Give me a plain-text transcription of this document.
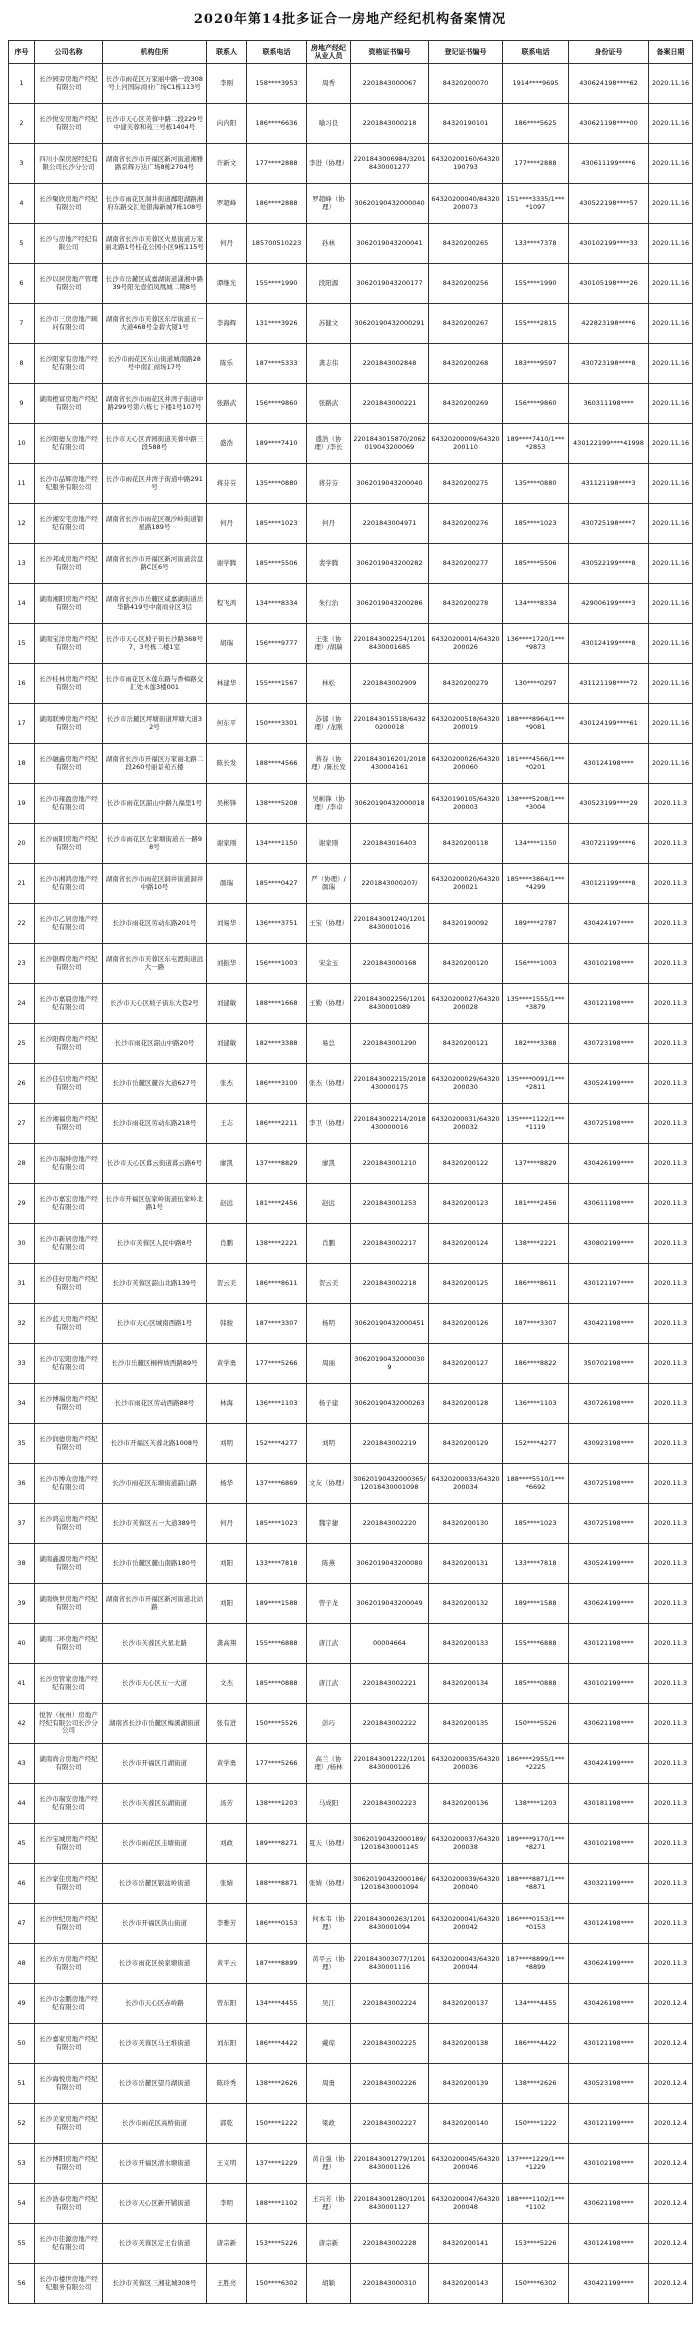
2020年第14批多证合一房地产经纪机构备案情况
序号	公司名称	机构住所	联系人	联系电话	房地产经纪从业人员	资格证书编号	登记证书编号	联系电话	身份证号	备案日期
1	长沙园旁房地产经纪有限公司	长沙市雨花区万家丽中路一段308号上河国际商业广场C1栋113号	李刚	158****3953	周秀	2201843000067	84320200070	1914****9695	430624198****62	2020.11.16
2	长沙悦安房地产经纪有限公司	长沙市天心区芙蓉中路二段229号中建芙蓉和苑三号栋1404号	向内阳	186****6636	喻习良	2201843000218	84320190101	186****5625	430621198****00	2020.11.16
3	四川小保房屋经纪有限公司长沙分公司	湖南省长沙市开福区新河街道湘雅路京辉万达广场8栋2704号	许新文	177****2888	李进（协理）	2201843006984/32018430001277	64320200160/64320190793	177****2888	430611199****6	2020.11.16
4	长沙聚欣房地产经纪有限公司	长沙市雨花区洞井街道鄱阳湖路湘府东路交汇处银海新城7栋108号	罗超峰	186****2888	罗超峰（协理）	30620190432000040	64320200040/84320200073	151****3335/1****1097	430522198****57	2020.11.16
5	长沙与房地产经纪有限公司	湖南省长沙市芙蓉区火星街道万家丽北路1号桂花公园小区9栋115号	何丹	185700510223	孙林	3062019043200041	84320200265	133****7378	430102199****33	2020.11.16
6	长沙以居房地产管理有限公司	长沙市岳麓区咸嘉湖街道潇湘中路39号阳光壹佰凤凰城二期8号	谭继光	155****1990	段阳源	3062019043200177	84320200256	155****1990	430105198****26	2020.11.16
7	长沙市三房房地产顾问有限公司	湖南省长沙市芙蓉区东岸街道五一大道468号金碧大厦1号	李海辉	131****3926	苏健文	30620190432000291	84320200267	155****2815	422823198****6	2020.11.16
8	长沙阳家有房地产经纪有限公司	长沙市雨花区东山街道城南路28号中南汇商场17号	陈乐	187****5333	龚志伟	2201843002848	84320200268	183****9597	430723198****8	2020.11.16
9	湖南橙富房地产经纪有限公司	湖南省长沙市雨花区井湾子街道中路299号第六栋七下楼1号107号	张路武	156****9860	张路武	2201843000221	84320200269	156****9860	360311198****	2020.11.16
10	长沙阳德友房地产经纪有限公司	长沙市天心区青园街道芙蓉中路三段588号	盛浩	189****7410	盛浩（协理）/李长	2201843015870/2062019043200069	64320200009/64320200110	189****7410/1****2853	430122199****41998	2020.11.16
11	长沙市品辉房地产经纪服务有限公司	长沙市雨花区井湾子街道中路291号	蒋芬芬	135****0880	蒋芬芬	3062019043200040	84320200275	135****0880	431121198****3	2020.11.16
12	长沙湘安宅房地产经纪有限公司	湖南省长沙市雨花区观沙岭街道银星路189号	何丹	185****1023	何丹	2201843004971	84320200276	185****1023	430725198****7	2020.11.16
13	长沙邦成房地产经纪有限公司	湖南省长沙市开福区新河街道营盘路C区6号	谢学腾	185****5506	裴学腾	3062019043200282	84320200277	185****5506	430522199****8	2020.11.16
14	湖南湘阳房地产经纪有限公司	湖南省长沙市岳麓区咸嘉湖街道岳华路419号中南商业区3层	程飞鸿	134****8334	朱行治	3062019043200286	84320200278	134****8334	429006199****3	2020.11.16
15	湖南宝洋房地产经纪有限公司	长沙市天心区坡子街长沙路368号7、3号栋二楼1室	胡瑞	156****9777	王张（协理）/胡瑞	2201843002254/12018430001685	64320200014/64320200026	136****1720/1****9873	430124199****8	2020.11.16
16	长沙桂林房地产经纪有限公司	长沙市雨花区木莲东路与香樟路交汇处木莲3楼001	林建华	155****1567	林松	2201843002909	84320200279	130****0297	431121198****72	2020.11.16
17	湖南联博房地产经纪有限公司	长沙市岳麓区坪塘街道坪塘大道32号	何东平	150****3301	苏郁（协理）/龙刚	2201843015518/64320200018	64320200518/64320200019	188****8964/1****9081	430124199****61	2020.11.16
18	长沙融鑫房地产经纪有限公司	湖南省长沙市开福区万家丽北路二段260号丽景苑五楼	陈长发	188****4566	蒋春（协理）/陈长发	2201843016201/2018430004161	64320200026/64320200060	181****4566/1****0201	430124198****	2020.11.16
19	长沙市雍盈房地产经纪有限公司	长沙市雨花区韶山中路九福里1号	吴彬锋	138****5208	吴彬锋（协理）/李卓	30620190432000018	64320190105/64320200003	138****5208/1****3004	430523199****29	2020.11.3
20	长沙雨阳房地产经纪有限公司	长沙市雨花区左家塘街道五一路98号	谢家刚	134****1150	谢家刚	2201843016403	84320200118	134****1150	430721199****6	2020.11.3
21	长沙市湘鸿房地产经纪有限公司	湖南省长沙市雨花区洞井街道洞井中路10号	颜瑞	185****0427	严（协理）/颜瑞	2201843000207/	64320200020/64320200021	185****3864/1****4299	430121199****8	2020.11.3
22	长沙市乙居房地产经纪有限公司	长沙市雨花区劳动东路201号	刘易华	136****3751	王宝（协理）	2201843001240/12018430001016	84320190092	189****2787	430424197****	2020.11.3
23	长沙银辉房地产经纪有限公司	湖南省长沙市芙蓉区东屯渡街道远大一路	刘振华	156****1003	宋金玉	2201843000168	84320200120	156****1003	430102198****	2020.11.3
24	长沙市嘉晨房地产经纪有限公司	长沙市天心区坡子街东大巷2号	刘建敏	188****1668	王勤（协理）	2201843002256/12018430001089	64320200027/64320200028	135****1555/1****3879	430121198****	2020.11.3
25	长沙阳辉房地产经纪有限公司	长沙市雨花区韶山中路20号	刘建敏	182****3388	易总	2201843001290	84320200121	182****3388	430723198****	2020.11.3
26	长沙佳信房地产经纪有限公司	长沙市岳麓区麓谷大道627号	张杰	186****3100	张杰（协理）	2201843002215/2018430000175	64320200029/64320200030	135****0091/1****2811	430524199****	2020.11.3
27	长沙湘福房地产经纪有限公司	长沙市雨花区劳动东路218号	王志	186****2211	李卫（协理）	2201843002214/2018430000016	64320200031/64320200032	135****1122/1****1119	430725198****	2020.11.3
28	长沙市瑞坤房地产经纪有限公司	长沙市天心区暮云街道暮云路6号	廖凯	137****8829	廖凯	2201843001210	84320200122	137****8829	430426199****	2020.11.3
29	长沙市嘉宏房地产经纪有限公司	长沙市开福区伍家岭街道伍家岭北路1号	赵远	181****2456	赵远	2201843001253	84320200123	181****2456	430611198****	2020.11.3
30	长沙市新居房地产经纪有限公司	长沙市芙蓉区人民中路8号	肖鹏	138****2221	肖鹏	2201843002217	84320200124	138****2221	430802199****	2020.11.3
31	长沙佳好房地产经纪有限公司	长沙市芙蓉区韶山北路139号	贺云美	186****8611	贺云美	2201843002218	84320200125	186****8611	430121197****	2020.11.3
32	长沙蓝天房地产经纪有限公司	长沙市天心区城南西路1号	韩骏	187****3307	杨明	30620190432000451	84320200126	187****3307	430421198****	2020.11.3
33	长沙市宏阳房地产经纪有限公司	长沙市岳麓区桐梓坡西路89号	黄学勇	177****5266	周丽	306201904320000309	84320200127	186****8822	350702198****	2020.11.3
34	长沙博瑞房地产经纪有限公司	长沙市雨花区劳动西路88号	林海	136****1103	杨子建	30620190432000263	84320200128	136****1103	430726198****	2020.11.3
35	长沙润德房地产经纪有限公司	长沙市开福区芙蓉北路1008号	刘明	152****4277	刘明	2201843002219	84320200129	152****4277	430923198****	2020.11.3
36	长沙市博众房地产经纪有限公司	长沙市雨花区东塘街道韶山路	杨华	137****6869	文友（协理）	30620190432000365/12018430001098	64320200033/64320200034	188****5510/1****6692	430725198****	2020.11.3
37	长沙鸿运房地产经纪有限公司	长沙市芙蓉区五一大道389号	何丹	185****1023	魏宇捷	2201843002220	84320200130	185****1023	430725198****	2020.11.3
38	湖南鑫源房地产经纪有限公司	长沙市岳麓区麓山南路180号	刘阳	133****7818	陈燕	3062019043200080	84320200131	133****7818	430524199****	2020.11.3
39	湖南焕世房地产经纪有限公司	湖南省长沙市开福区新河街道北站路	刘阳	189****1588	曾子龙	3062019043200049	84320200132	189****1588	430624199****	2020.11.3
40	湖南二环房地产经纪有限公司	长沙市芙蓉区火星北路	龚高翔	155****6888	唐江武	00004664	84320200133	155****6888	430121198****	2020.11.3
41	长沙房管家房地产经纪有限公司	长沙市天心区五一大道	文杰	185****0888	唐江武	2201843002221	84320200134	185****0888	430102199****	2020.11.3
42	悦智（杭州）房地产经纪有限公司长沙分公司	湖南省长沙市岳麓区梅溪湖街道	张有进	150****5526	彭巧	2201843002222	84320200135	150****5526	430621198****	2020.11.3
43	湖南尚合房地产经纪有限公司	长沙市开福区月湖街道	黄学勇	177****5266	高兰（协理）/杨林	2201843001222/12018430000126	64320200035/64320200036	186****2955/1****2225	430424199****	2020.11.3
44	长沙市瑞安房地产经纪有限公司	长沙市芙蓉区东湖街道	汤芳	138****1203	马成阳	2201843002223	84320200136	138****1203	430181198****	2020.11.3
45	长沙宝城房地产经纪有限公司	长沙市雨花区圭塘街道	刘政	189****8271	夏天（协理）	30620190432000189/12018430001145	64320200037/64320200038	189****9170/1****8271	430102198****	2020.11.3
46	长沙家佳房地产经纪有限公司	长沙市岳麓区银盆岭街道	张婧	188****8871	张婧（协理）	30620190432000186/12018430001094	64320200039/64320200040	188****8871/1****8871	430321199****	2020.11.3
47	长沙世纪房地产经纪有限公司	长沙市开福区洪山街道	李雅芳	186****0153	何本韦（协理）	2201843000263/12018430001094	64320200041/64320200042	186****0153/1****0153	430124198****	2020.11.3
48	长沙东方房地产经纪有限公司	长沙市雨花区侯家塘街道	黄平云	187****8899	黄平云（协理）	2201843003077/12018430001116	64320200043/64320200044	187****8899/1****8899	430624199****	2020.11.3
49	长沙市金鹏房地产经纪有限公司	长沙市天心区赤岭路	曾东阳	134****4455	吴江	2201843002224	84320200137	134****4455	430426198****	2020.12.4
50	长沙嘉家房地产经纪有限公司	长沙市芙蓉区马王堆街道	刘东阳	186****4422	戴琼	2201843002225	84320200138	186****4422	430121198****	2020.12.4
51	长沙海悦房地产经纪有限公司	长沙市岳麓区望月湖街道	陈玲秀	138****2626	周勇	2201843002226	84320200139	138****2626	430523198****	2020.12.4
52	长沙美家房地产经纪有限公司	长沙市雨花区高桥街道	郭乾	150****1222	梁政	2201843002227	84320200140	150****1222	430121199****	2020.12.4
53	长沙博阳房地产经纪有限公司	长沙市开福区清水塘街道	王义明	137****1229	黄自强（协理）	2201843001279/12018430001126	64320200045/64320200046	137****1229/1****1229	430102198****	2020.12.4
54	长沙浩泰房地产经纪有限公司	长沙市天心区新开铺街道	李明	188****1102	王兴芳（协理）	2201843001280/12018430001127	64320200047/64320200048	188****1102/1****1102	430621198****	2020.12.4
55	长沙市佳源房地产经纪有限公司	长沙市芙蓉区定王台街道	唐宗新	153****5226	唐宗新	2201843002228	84320200141	153****5226	430124198****	2020.12.4
56	长沙市楼世房地产经纪服务有限公司	长沙市芙蓉区三湘花城308号	王胜亮	150****6302	胡颖	2201843000310	84320200143	150****6302	430421199****	2020.12.4
